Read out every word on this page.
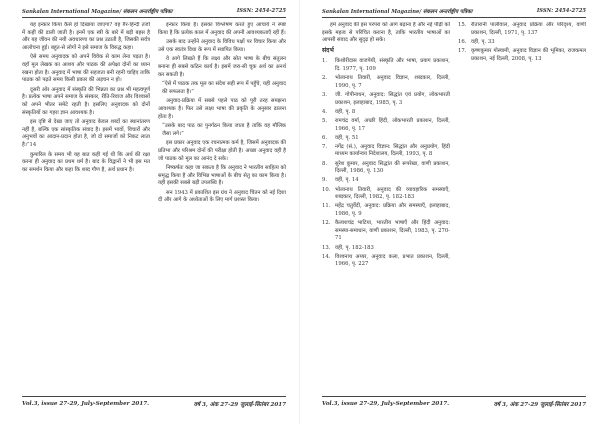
Sankalan International Magazine/ संकलन अन्तर्राष्ट्रीय पत्रिका	ISSN: 2454-2725

यह इन्कार किया कैसे हो दिखाया जाएगा? वह ग़ैर-हिन्दी तर्जों में कहीं की डाली जाती है। इनमें एक स्त्री के बारे में बड़ी बहस है और यह जीवन की नयी अवधारणा का प्रश्न उठाती है, जिसकी सर्वत्र आलोचना हुई। बहुत-से लोगों ने इसे समाज के विरुद्ध कहा।

ऐसे समय अनुवादक को अपने विवेक से काम लेना पड़ता है। वहाँ मूल लेखक का आशय और पाठक की अपेक्षा दोनों का ध्यान रखना होता है। अनुवाद में भाषा की सहजता बनी रहनी चाहिए ताकि पाठक को पढ़ते समय किसी प्रकार की अड़चन न हो।

दूसरी ओर अनुवाद में संस्कृति की भिन्नता का प्रश्न भी महत्वपूर्ण है। प्रत्येक भाषा अपने समाज के संस्कार, रीति-रिवाज और विश्वासों को अपने भीतर समेटे रहती है। इसलिए अनुवादक को दोनों संस्कृतियों का गहरा ज्ञान आवश्यक है।

इस दृष्टि से देखा जाए तो अनुवाद केवल शब्दों का स्थानांतरण नहीं है, बल्कि एक सांस्कृतिक संवाद है। इसमें भावों, विचारों और अनुभवों का आदान-प्रदान होता है, जो दो समाजों को निकट लाता है।”14

कुमारिल के समय भी यह बात कही गई थी कि अर्थ की रक्षा करना ही अनुवाद का प्रथम धर्म है। बाद के विद्वानों ने भी इस मत का समर्थन किया और कहा कि शब्द गौण है, अर्थ प्रधान है।

इन्कार किया है। इसका विश्लेषण करते हुए आचार्य ने स्पष्ट किया है कि प्रत्येक काल में अनुवाद की अपनी आवश्यकताएँ रही हैं।

उसके बाद उन्होंने अनुवाद के विविध पक्षों पर विचार किया और उसे एक स्वतंत्र विधा के रूप में स्थापित किया।

वे आगे लिखते हैं कि लक्ष्य और स्रोत भाषा के बीच संतुलन बनाना ही सबसे कठिन कार्य है। इसमें जरा-सी चूक अर्थ का अनर्थ कर सकती है।

“ऐसे में पाठक तक मूल का संदेश सही रूप में पहुँचे, यही अनुवाद की सफलता है।”

अनुवाद-प्रक्रिया में सबसे पहले पाठ को पूरी तरह समझना आवश्यक है। फिर उसे लक्ष्य भाषा की प्रकृति के अनुसार ढालना होता है।

“उसके बाद पाठ का पुनर्गठन किया जाता है ताकि वह मौलिक जैसा लगे।”

इस प्रकार अनुवाद एक रचनात्मक कर्म है, जिसमें अनुवादक की प्रतिभा और परिश्रम दोनों की परीक्षा होती है। अच्छा अनुवाद वही है जो पाठक को मूल का आनंद दे सके।

निष्कर्षतः कहा जा सकता है कि अनुवाद ने भारतीय साहित्य को समृद्ध किया है और विभिन्न भाषाओं के बीच सेतु का काम किया है। यही इसकी सबसे बड़ी उपलब्धि है।

सन 1943 में प्रकाशित इस ग्रंथ ने अनुवाद चिंतन को नई दिशा दी और आगे के अध्येताओं के लिए मार्ग प्रशस्त किया।

Vol.3, issue 27-29, July-September 2017.	वर्ष 3, अंक 27-29 जुलाई-सितंबर 2017
Sankalan International Magazine/ संकलन अन्तर्राष्ट्रीय पत्रिका	ISSN: 2454-2725

हमें अनुवाद की इस परंपरा को आगे बढ़ाना है और नई पीढ़ी को इसके महत्व से परिचित कराना है, ताकि भारतीय भाषाओं का आपसी संवाद और सुदृढ़ हो सके।

संदर्भ
1.	किशोरीदास वाजपेयी, संस्कृति और भाषा, प्रयाग प्रकाशन, दि. 1977, पृ. 109
2.	भोलानाथ तिवारी, अनुवाद विज्ञान, शब्दकार, दिल्ली, 1990, पृ. 7
3.	जी. गोपीनाथन, अनुवाद: सिद्धांत एवं प्रयोग, लोकभारती प्रकाशन, इलाहाबाद, 1985, पृ. 3
4.	वही, पृ. 8
5.	रामचंद्र वर्मा, अच्छी हिंदी, लोकभारती प्रकाशन, दिल्ली, 1966, पृ. 17
6.	वही, पृ. 51
7.	नगेंद्र (सं.), अनुवाद विज्ञान: सिद्धांत और अनुप्रयोग, हिंदी माध्यम कार्यान्वय निदेशालय, दिल्ली, 1993, पृ. 8
8.	सुरेश कुमार, अनुवाद सिद्धांत की रूपरेखा, वाणी प्रकाशन, दिल्ली, 1986, पृ. 130
9.	वही, पृ. 14
10. भोलानाथ तिवारी, अनुवाद की व्यावहारिक समस्याएँ, शब्दकार, दिल्ली, 1982, पृ. 182-183
11. महेंद्र चतुर्वेदी, अनुवाद: प्रक्रिया और समस्याएँ, इलाहाबाद, 1986, पृ. 9
12. कैलाशचंद्र भाटिया, भारतीय भाषाएँ और हिंदी अनुवाद: समस्या-समाधान, वाणी प्रकाशन, दिल्ली, 1983, पृ. 270-71
13. वही, पृ. 182-183
14. विश्वनाथ अय्यर, अनुवाद कला, प्रभात प्रकाशन, दिल्ली, 1966, पृ. 227
15. रीतारानी पालीवाल, अनुवाद प्रक्रिया और परिदृश्य, वाणी प्रकाशन, दिल्ली, 1971, पृ. 137
16. वही, पृ. 33
17. कृष्णकुमार गोस्वामी, अनुवाद विज्ञान की भूमिका, राजकमल प्रकाशन, नई दिल्ली, 2008, पृ. 13
Vol.3, issue 27-29, July-September 2017.	वर्ष 3, अंक 27-29 जुलाई-सितंबर 2017
